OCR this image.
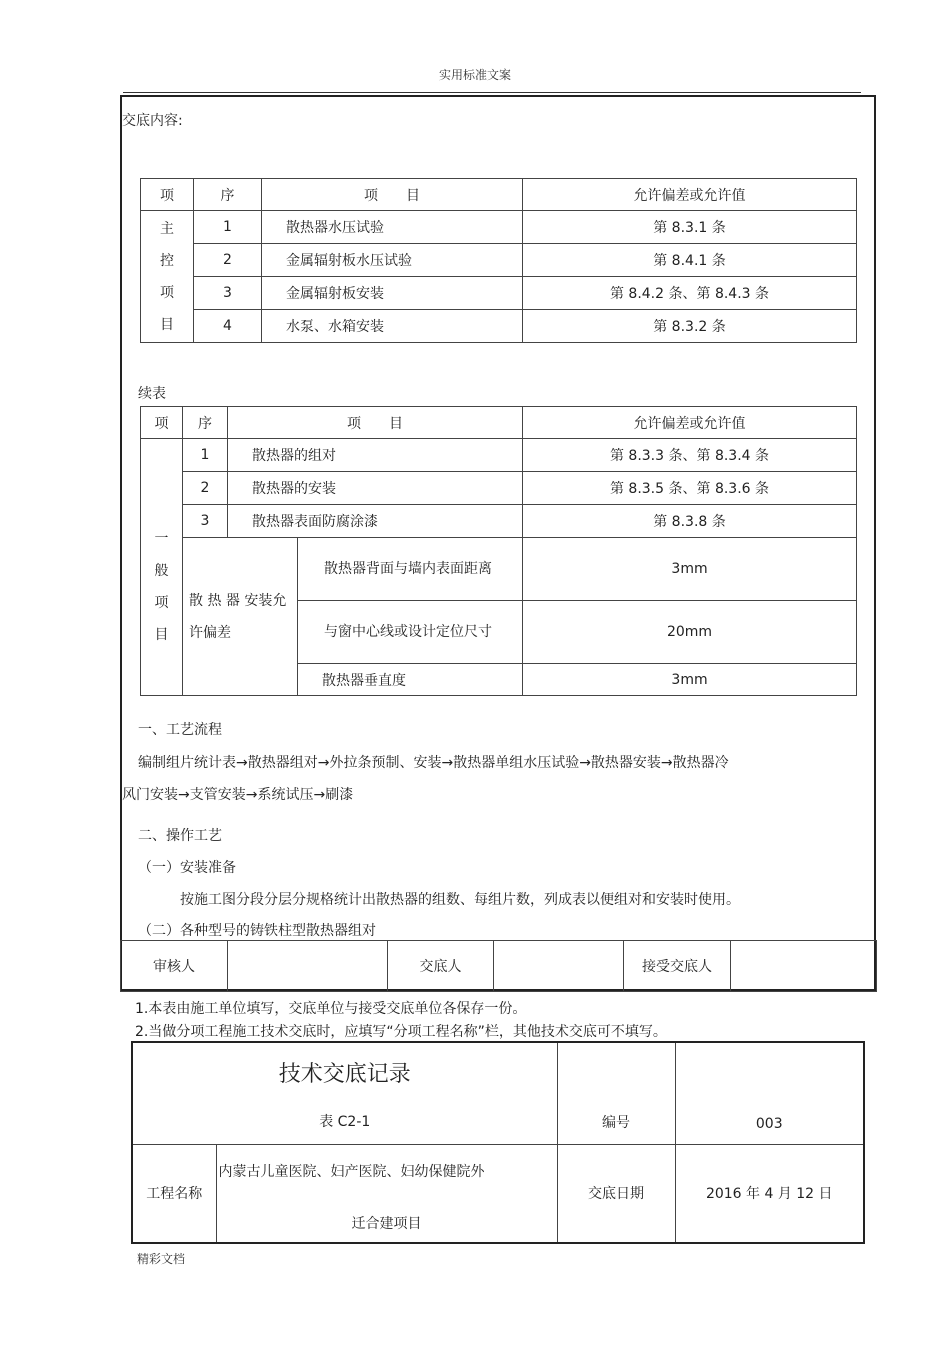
实用标准文案
交底内容:
项	序	项　　目	允许偏差或允许值

主控项目	1	散热器水压试验	第 8.3.1 条
	2	金属辐射板水压试验	第 8.4.1 条
	3	金属辐射板安装	第 8.4.2 条、第 8.4.3 条
	4	水泵、水箱安装	第 8.3.2 条
续表
项	序	项　　目		允许偏差或允许值

一般项目	1	散热器的组对		第 8.3.3 条、第 8.3.4 条
	2	散热器的安装		第 8.3.5 条、第 8.3.6 条
	3	散热器表面防腐涂漆		第 8.3.8 条

	散 热 器 安装允许偏差		散热器背面与墙内表面距离	3mm

			与窗中心线或设计定位尺寸	20mm
			散热器垂直度	3mm
一、工艺流程
编制组片统计表→散热器组对→外拉条预制、安装→散热器单组水压试验→散热器安装→散热器冷
风门安装→支管安装→系统试压→刷漆
二、操作工艺
（一）安装准备
按施工图分段分层分规格统计出散热器的组数、每组片数，列成表以便组对和安装时使用。
（二）各种型号的铸铁柱型散热器组对
审核人		交底人		接受交底人	
1.本表由施工单位填写，交底单位与接受交底单位各保存一份。
2.当做分项工程施工技术交底时，应填写“分项工程名称”栏，其他技术交底可不填写。
技术交底记录
表 C2-1		编号	003
工程名称	内蒙古儿童医院、妇产医院、妇幼保健院外
迁合建项目	交底日期	2016 年 4 月 12 日
精彩文档
